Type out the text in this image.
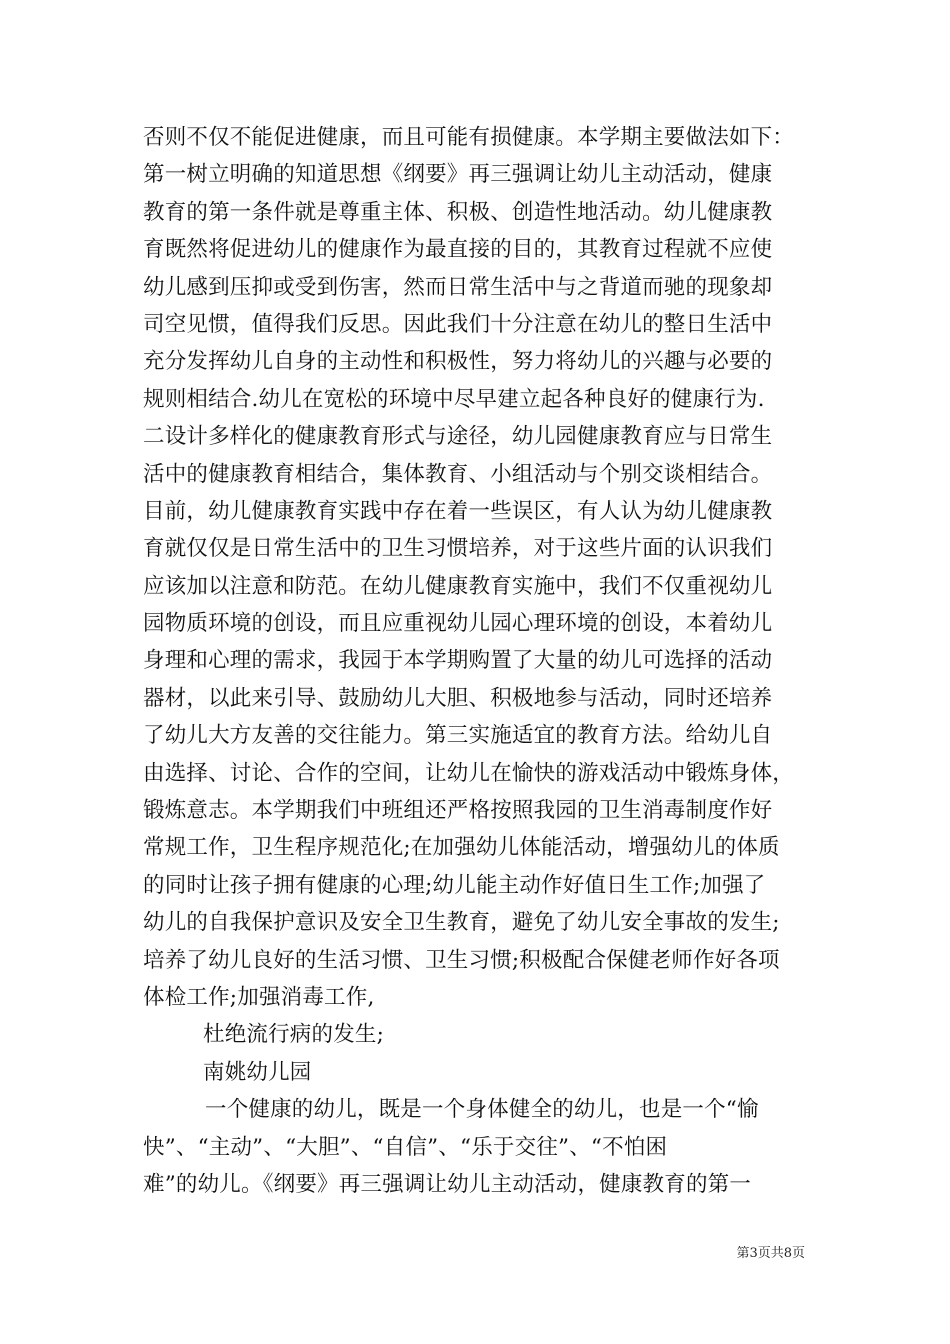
否则不仅不能促进健康，而且可能有损健康。本学期主要做法如下：
第一树立明确的知道思想《纲要》再三强调让幼儿主动活动，健康
教育的第一条件就是尊重主体、积极、创造性地活动。幼儿健康教
育既然将促进幼儿的健康作为最直接的目的，其教育过程就不应使
幼儿感到压抑或受到伤害，然而日常生活中与之背道而驰的现象却
司空见惯，值得我们反思。因此我们十分注意在幼儿的整日生活中
充分发挥幼儿自身的主动性和积极性，努力将幼儿的兴趣与必要的
规则相结合.幼儿在宽松的环境中尽早建立起各种良好的健康行为.
二设计多样化的健康教育形式与途径，幼儿园健康教育应与日常生
活中的健康教育相结合，集体教育、小组活动与个别交谈相结合。
目前，幼儿健康教育实践中存在着一些误区，有人认为幼儿健康教
育就仅仅是日常生活中的卫生习惯培养，对于这些片面的认识我们
应该加以注意和防范。在幼儿健康教育实施中，我们不仅重视幼儿
园物质环境的创设，而且应重视幼儿园心理环境的创设，本着幼儿
身理和心理的需求，我园于本学期购置了大量的幼儿可选择的活动
器材，以此来引导、鼓励幼儿大胆、积极地参与活动，同时还培养
了幼儿大方友善的交往能力。第三实施适宜的教育方法。给幼儿自
由选择、讨论、合作的空间，让幼儿在愉快的游戏活动中锻炼身体，
锻炼意志。本学期我们中班组还严格按照我园的卫生消毒制度作好
常规工作，卫生程序规范化;在加强幼儿体能活动，增强幼儿的体质
的同时让孩子拥有健康的心理;幼儿能主动作好值日生工作;加强了
幼儿的自我保护意识及安全卫生教育，避免了幼儿安全事故的发生;
培养了幼儿良好的生活习惯、卫生习惯;积极配合保健老师作好各项
体检工作;加强消毒工作,
杜绝流行病的发生;
南姚幼儿园
一个健康的幼儿，既是一个身体健全的幼儿，也是一个“愉
快”、“主动”、“大胆”、“自信”、“乐于交往”、“不怕困
难”的幼儿。《纲要》再三强调让幼儿主动活动，健康教育的第一
第3页共8页
